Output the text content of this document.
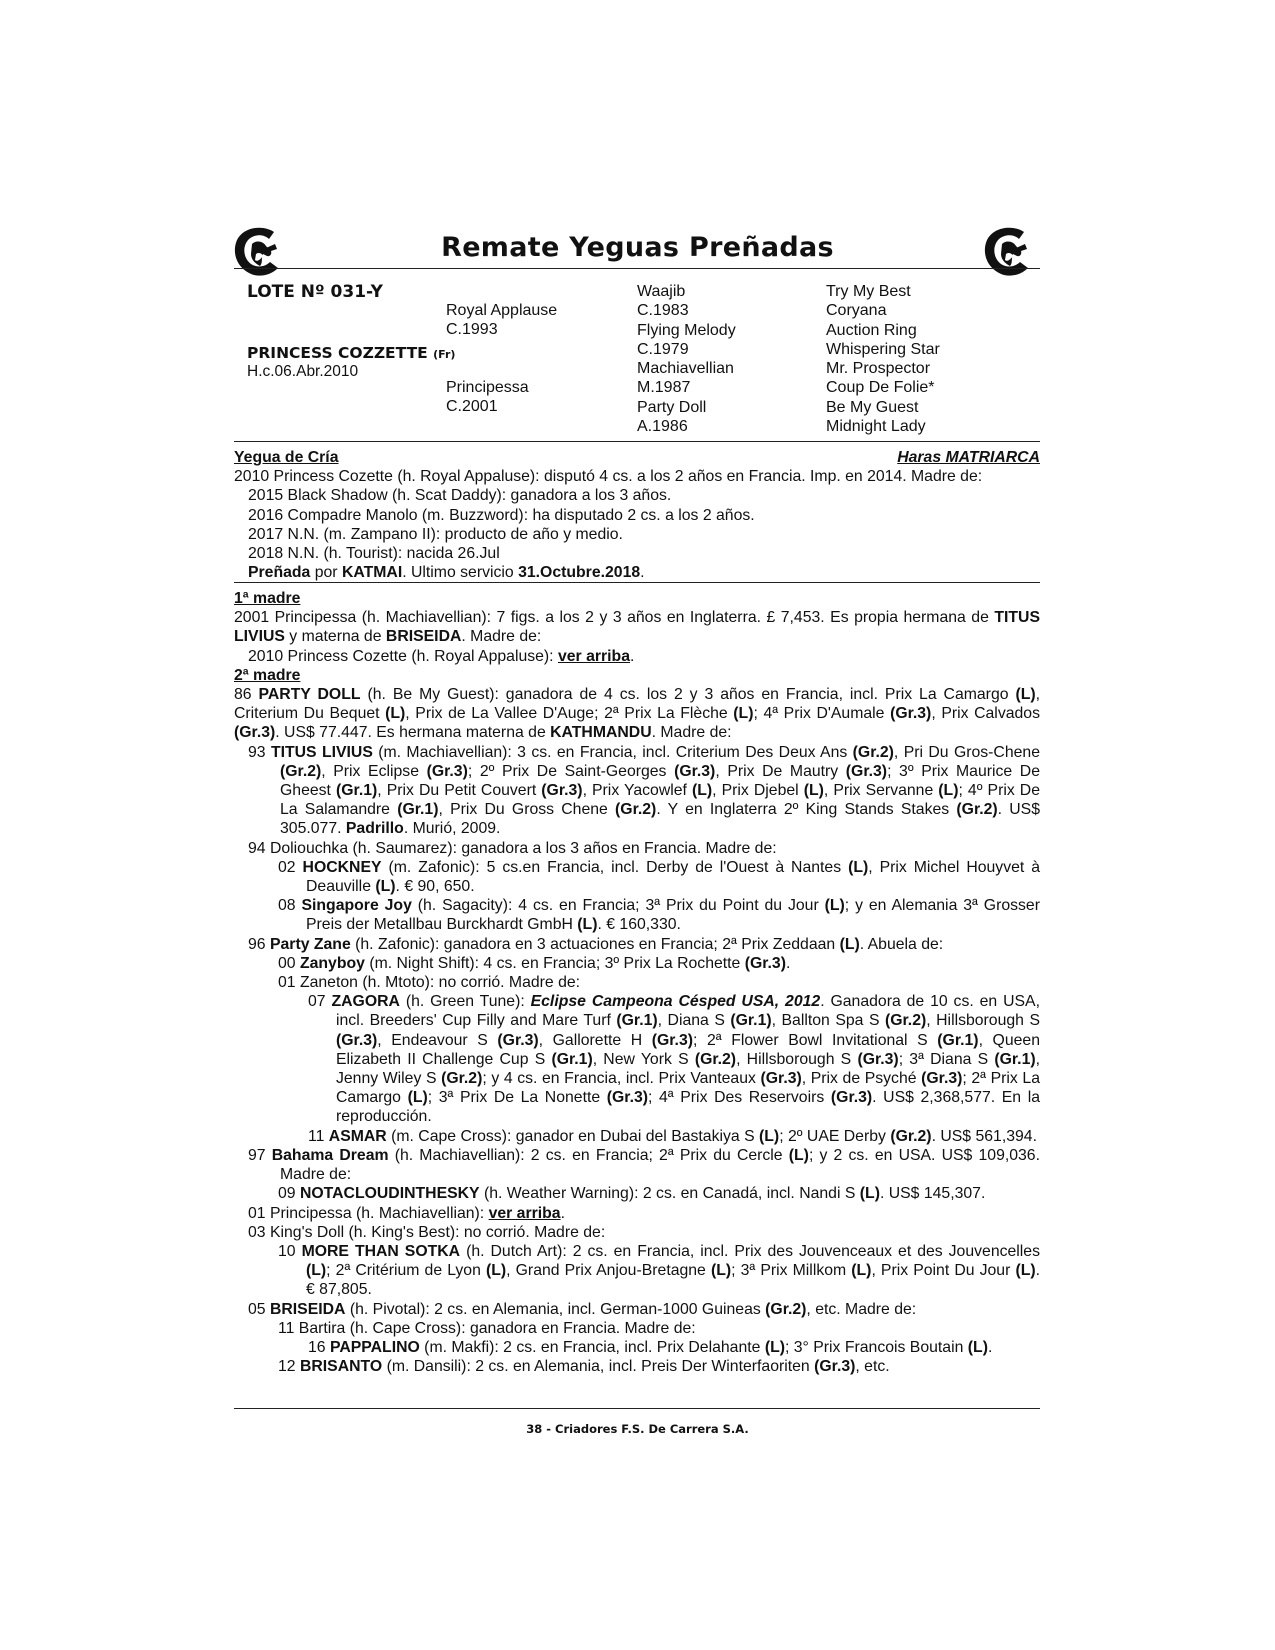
Remate Yeguas Preñadas
LOTE Nº 031-Y
PRINCESS COZZETTE (Fr)
H.c.06.Abr.2010
Royal Applause
C.1993
Principessa
C.2001
Waajib
C.1983
Flying Melody
C.1979
Machiavellian
M.1987
Party Doll
A.1986
Try My Best
Coryana
Auction Ring
Whispering Star
Mr. Prospector
Coup De Folie*
Be My Guest
Midnight Lady
Yegua de Cría	Haras MATRIARCA
2010 Princess Cozette (h. Royal Appaluse): disputó 4 cs. a los 2 años en Francia. Imp. en 2014. Madre de:
2015 Black Shadow (h. Scat Daddy): ganadora a los 3 años.
2016 Compadre Manolo (m. Buzzword): ha disputado 2 cs. a los 2 años.
2017 N.N. (m. Zampano II): producto de año y medio.
2018 N.N. (h. Tourist): nacida 26.Jul
Preñada por KATMAI. Ultimo servicio 31.Octubre.2018.
1ª madre
2001 Principessa (h. Machiavellian): 7 figs. a los 2 y 3 años en Inglaterra. £ 7,453. Es propia hermana de TITUS LIVIUS y materna de BRISEIDA. Madre de:
2010 Princess Cozette (h. Royal Appaluse): ver arriba.
2ª madre
86 PARTY DOLL (h. Be My Guest): ganadora de 4 cs. los 2 y 3 años en Francia, incl. Prix La Camargo (L), Criterium Du Bequet (L), Prix de La Vallee D'Auge; 2ª Prix La Flèche (L); 4ª Prix D'Aumale (Gr.3), Prix Calvados (Gr.3). US$ 77.447. Es hermana materna de KATHMANDU. Madre de:
93 TITUS LIVIUS (m. Machiavellian): 3 cs. en Francia, incl. Criterium Des Deux Ans (Gr.2), Pri Du Gros-Chene (Gr.2), Prix Eclipse (Gr.3); 2º Prix De Saint-Georges (Gr.3), Prix De Mautry (Gr.3); 3º Prix Maurice De Gheest (Gr.1), Prix Du Petit Couvert (Gr.3), Prix Yacowlef (L), Prix Djebel (L), Prix Servanne (L); 4º Prix De La Salamandre (Gr.1), Prix Du Gross Chene (Gr.2). Y en Inglaterra 2º King Stands Stakes (Gr.2). US$ 305.077. Padrillo. Murió, 2009.
94 Doliouchka (h. Saumarez): ganadora a los 3 años en Francia. Madre de:
02 HOCKNEY (m. Zafonic): 5 cs.en Francia, incl. Derby de l'Ouest à Nantes (L), Prix Michel Houyvet à Deauville (L). € 90, 650.
08 Singapore Joy (h. Sagacity): 4 cs. en Francia; 3ª Prix du Point du Jour (L); y en Alemania 3ª Grosser Preis der Metallbau Burckhardt GmbH (L). € 160,330.
96 Party Zane (h. Zafonic): ganadora en 3 actuaciones en Francia; 2ª Prix Zeddaan (L). Abuela de:
00 Zanyboy (m. Night Shift): 4 cs. en Francia; 3º Prix La Rochette (Gr.3).
01 Zaneton (h. Mtoto): no corrió. Madre de:
07 ZAGORA (h. Green Tune): Eclipse Campeona Césped USA, 2012. Ganadora de 10 cs. en USA, incl. Breeders' Cup Filly and Mare Turf (Gr.1), Diana S (Gr.1), Ballton Spa S (Gr.2), Hillsborough S (Gr.3), Endeavour S (Gr.3), Gallorette H (Gr.3); 2ª Flower Bowl Invitational S (Gr.1), Queen Elizabeth II Challenge Cup S (Gr.1), New York S (Gr.2), Hillsborough S (Gr.3); 3ª Diana S (Gr.1), Jenny Wiley S (Gr.2); y 4 cs. en Francia, incl. Prix Vanteaux (Gr.3), Prix de Psyché (Gr.3); 2ª Prix La Camargo (L); 3ª Prix De La Nonette (Gr.3); 4ª Prix Des Reservoirs (Gr.3). US$ 2,368,577. En la reproducción.
11 ASMAR (m. Cape Cross): ganador en Dubai del Bastakiya S (L); 2º UAE Derby (Gr.2). US$ 561,394.
97 Bahama Dream (h. Machiavellian): 2 cs. en Francia; 2ª Prix du Cercle (L); y 2 cs. en USA. US$ 109,036. Madre de:
09 NOTACLOUDINTHESKY (h. Weather Warning): 2 cs. en Canadá, incl. Nandi S (L). US$ 145,307.
01 Principessa (h. Machiavellian): ver arriba.
03 King's Doll (h. King's Best): no corrió. Madre de:
10 MORE THAN SOTKA (h. Dutch Art): 2 cs. en Francia, incl. Prix des Jouvenceaux et des Jouvencelles (L); 2ª Critérium de Lyon (L), Grand Prix Anjou-Bretagne (L); 3ª Prix Millkom (L), Prix Point Du Jour (L). € 87,805.
05 BRISEIDA (h. Pivotal): 2 cs. en Alemania, incl. German-1000 Guineas (Gr.2), etc. Madre de:
11 Bartira (h. Cape Cross): ganadora en Francia. Madre de:
16 PAPPALINO (m. Makfi): 2 cs. en Francia, incl. Prix Delahante (L); 3° Prix Francois Boutain (L).
12 BRISANTO (m. Dansili): 2 cs. en Alemania, incl. Preis Der Winterfaoriten (Gr.3), etc.
38 - Criadores F.S. De Carrera S.A.
